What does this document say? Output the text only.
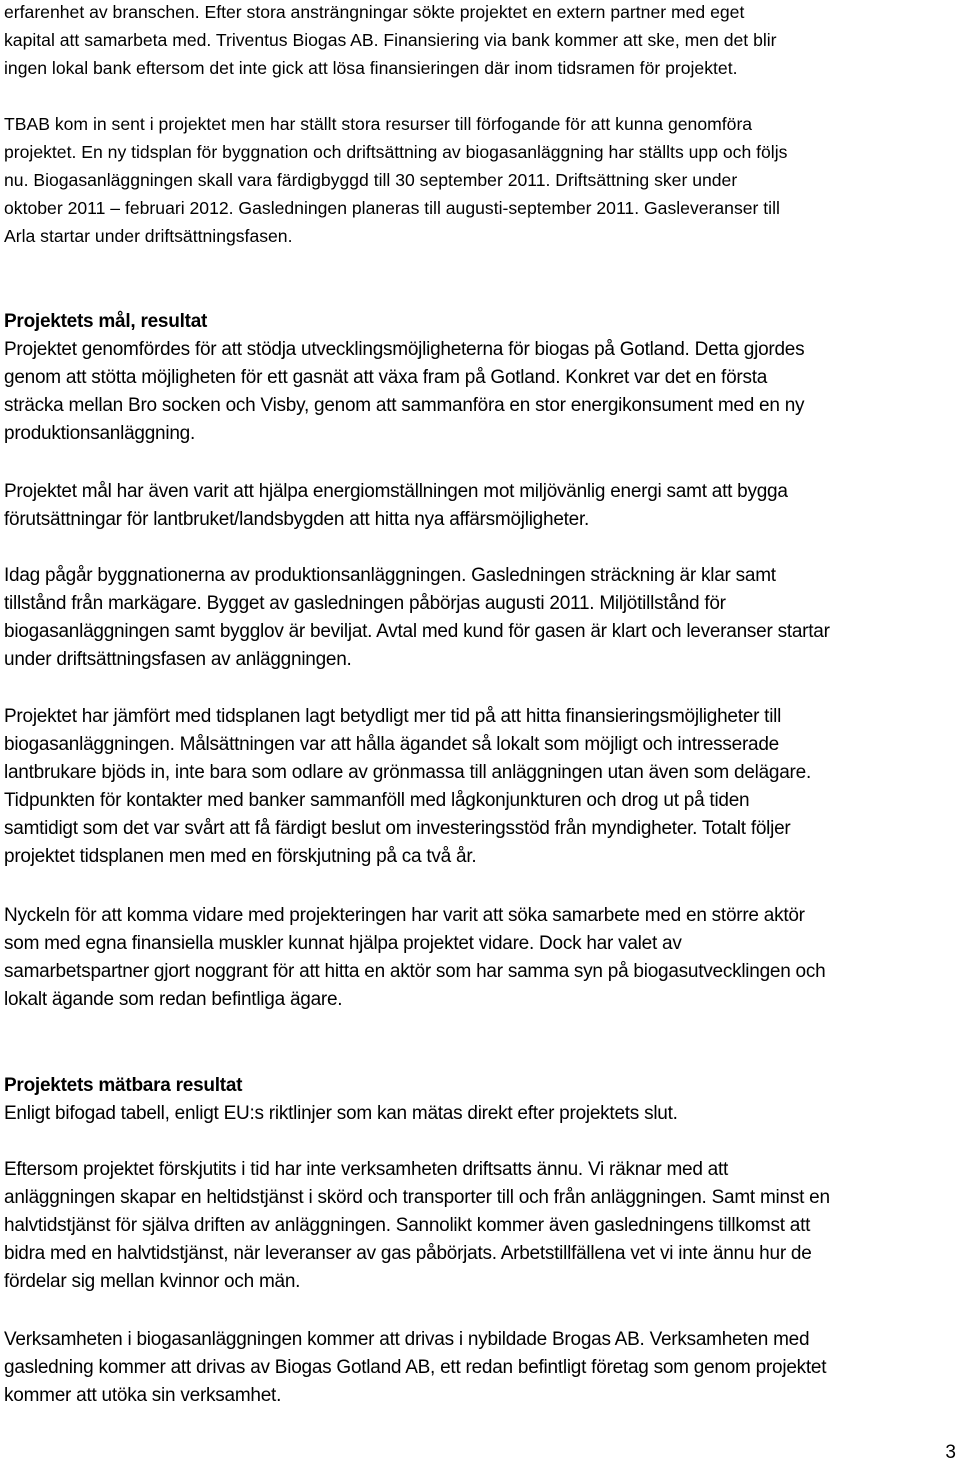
erfarenhet av branschen. Efter stora ansträngningar sökte projektet en extern partner med eget
kapital att samarbeta med. Triventus Biogas AB. Finansiering via bank kommer att ske, men det blir
ingen lokal bank eftersom det inte gick att lösa finansieringen där inom tidsramen för projektet.
TBAB kom in sent i projektet men har ställt stora resurser till förfogande för att kunna genomföra
projektet. En ny tidsplan för byggnation och driftsättning av biogasanläggning har ställts upp och följs
nu. Biogasanläggningen skall vara färdigbyggd till 30 september 2011. Driftsättning sker under
oktober 2011 – februari 2012. Gasledningen planeras till augusti-september 2011. Gasleveranser till
Arla startar under driftsättningsfasen.
Projektets mål, resultat
Projektet genomfördes för att stödja utvecklingsmöjligheterna för biogas på Gotland. Detta gjordes
genom att stötta möjligheten för ett gasnät att växa fram på Gotland. Konkret var det en första
sträcka mellan Bro socken och Visby, genom att sammanföra en stor energikonsument med en ny
produktionsanläggning.
Projektet mål har även varit att hjälpa energiomställningen mot miljövänlig energi samt att bygga
förutsättningar för lantbruket/landsbygden att hitta nya affärsmöjligheter.
Idag pågår byggnationerna av produktionsanläggningen. Gasledningen sträckning är klar samt
tillstånd från markägare. Bygget av gasledningen påbörjas augusti 2011. Miljötillstånd för
biogasanläggningen samt bygglov är beviljat. Avtal med kund för gasen är klart och leveranser startar
under driftsättningsfasen av anläggningen.
Projektet har jämfört med tidsplanen lagt betydligt mer tid på att hitta finansieringsmöjligheter till
biogasanläggningen. Målsättningen var att hålla ägandet så lokalt som möjligt och intresserade
lantbrukare bjöds in, inte bara som odlare av grönmassa till anläggningen utan även som delägare.
Tidpunkten för kontakter med banker sammanföll med lågkonjunkturen och drog ut på tiden
samtidigt som det var svårt att få färdigt beslut om investeringsstöd från myndigheter. Totalt följer
projektet tidsplanen men med en förskjutning på ca två år.
Nyckeln för att komma vidare med projekteringen har varit att söka samarbete med en större aktör
som med egna finansiella muskler kunnat hjälpa projektet vidare. Dock har valet av
samarbetspartner gjort noggrant för att hitta en aktör som har samma syn på biogasutvecklingen och
lokalt ägande som redan befintliga ägare.
Projektets mätbara resultat
Enligt bifogad tabell, enligt EU:s riktlinjer som kan mätas direkt efter projektets slut.
Eftersom projektet förskjutits i tid har inte verksamheten driftsatts ännu. Vi räknar med att
anläggningen skapar en heltidstjänst i skörd och transporter till och från anläggningen. Samt minst en
halvtidstjänst för själva driften av anläggningen. Sannolikt kommer även gasledningens tillkomst att
bidra med en halvtidstjänst, när leveranser av gas påbörjats. Arbetstillfällena vet vi inte ännu hur de
fördelar sig mellan kvinnor och män.
Verksamheten i biogasanläggningen kommer att drivas i nybildade Brogas AB. Verksamheten med
gasledning kommer att drivas av Biogas Gotland AB, ett redan befintligt företag som genom projektet
kommer att utöka sin verksamhet.
3
